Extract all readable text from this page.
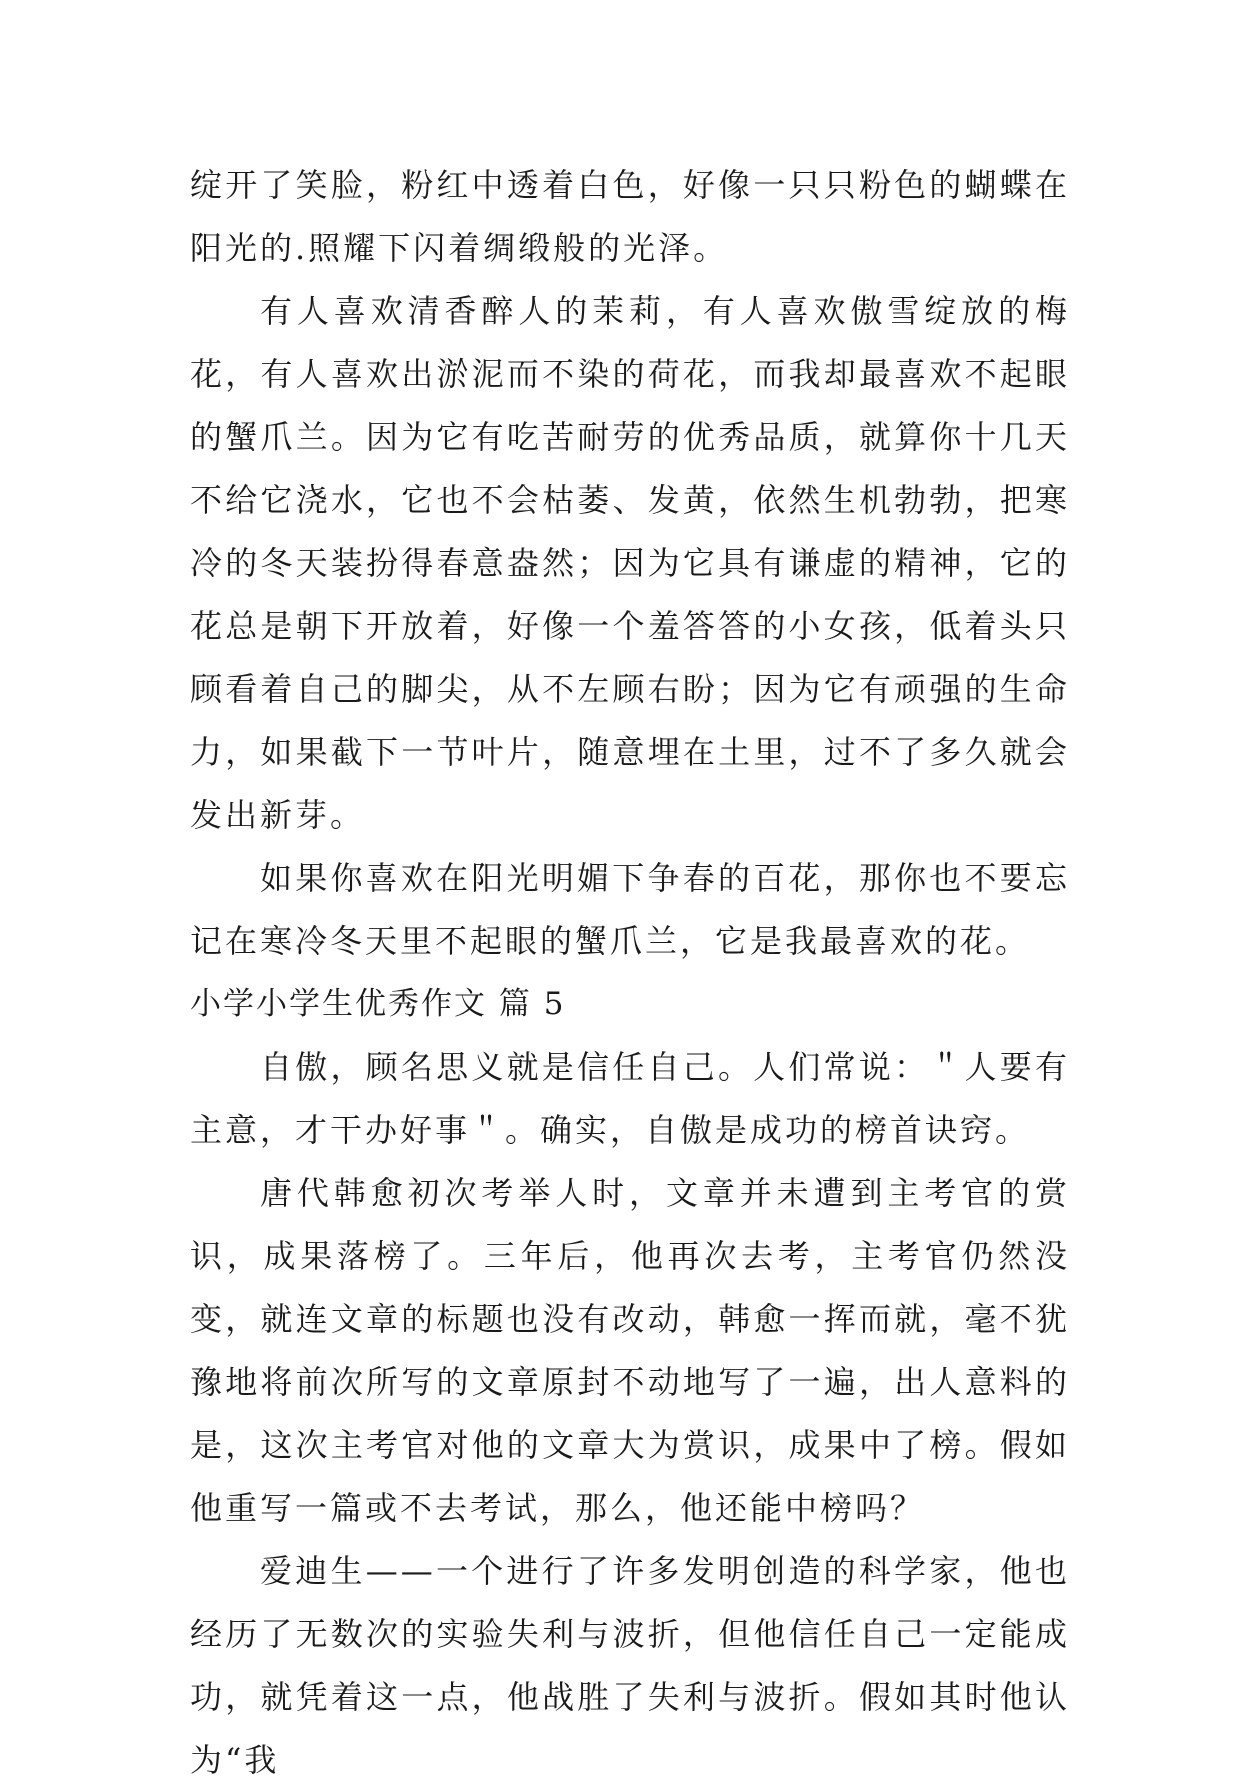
绽开了笑脸，粉红中透着白色，好像一只只粉色的蝴蝶在阳光的.照耀下闪着绸缎般的光泽。

有人喜欢清香醉人的茉莉，有人喜欢傲雪绽放的梅花，有人喜欢出淤泥而不染的荷花，而我却最喜欢不起眼的蟹爪兰。因为它有吃苦耐劳的优秀品质，就算你十几天不给它浇水，它也不会枯萎、发黄，依然生机勃勃，把寒冷的冬天装扮得春意盎然；因为它具有谦虚的精神，它的花总是朝下开放着，好像一个羞答答的小女孩，低着头只顾看着自己的脚尖，从不左顾右盼；因为它有顽强的生命力，如果截下一节叶片，随意埋在土里，过不了多久就会发出新芽。

如果你喜欢在阳光明媚下争春的百花，那你也不要忘记在寒冷冬天里不起眼的蟹爪兰，它是我最喜欢的花。

小学小学生优秀作文 篇 5

自傲，顾名思义就是信任自己。人们常说：＂人要有主意，才干办好事＂。确实，自傲是成功的榜首诀窍。

唐代韩愈初次考举人时，文章并未遭到主考官的赏识，成果落榜了。三年后，他再次去考，主考官仍然没变，就连文章的标题也没有改动，韩愈一挥而就，毫不犹豫地将前次所写的文章原封不动地写了一遍，出人意料的是，这次主考官对他的文章大为赏识，成果中了榜。假如他重写一篇或不去考试，那么，他还能中榜吗？

爱迪生——一个进行了许多发明创造的科学家，他也经历了无数次的实验失利与波折，但他信任自己一定能成功，就凭着这一点，他战胜了失利与波折。假如其时他认为“我
